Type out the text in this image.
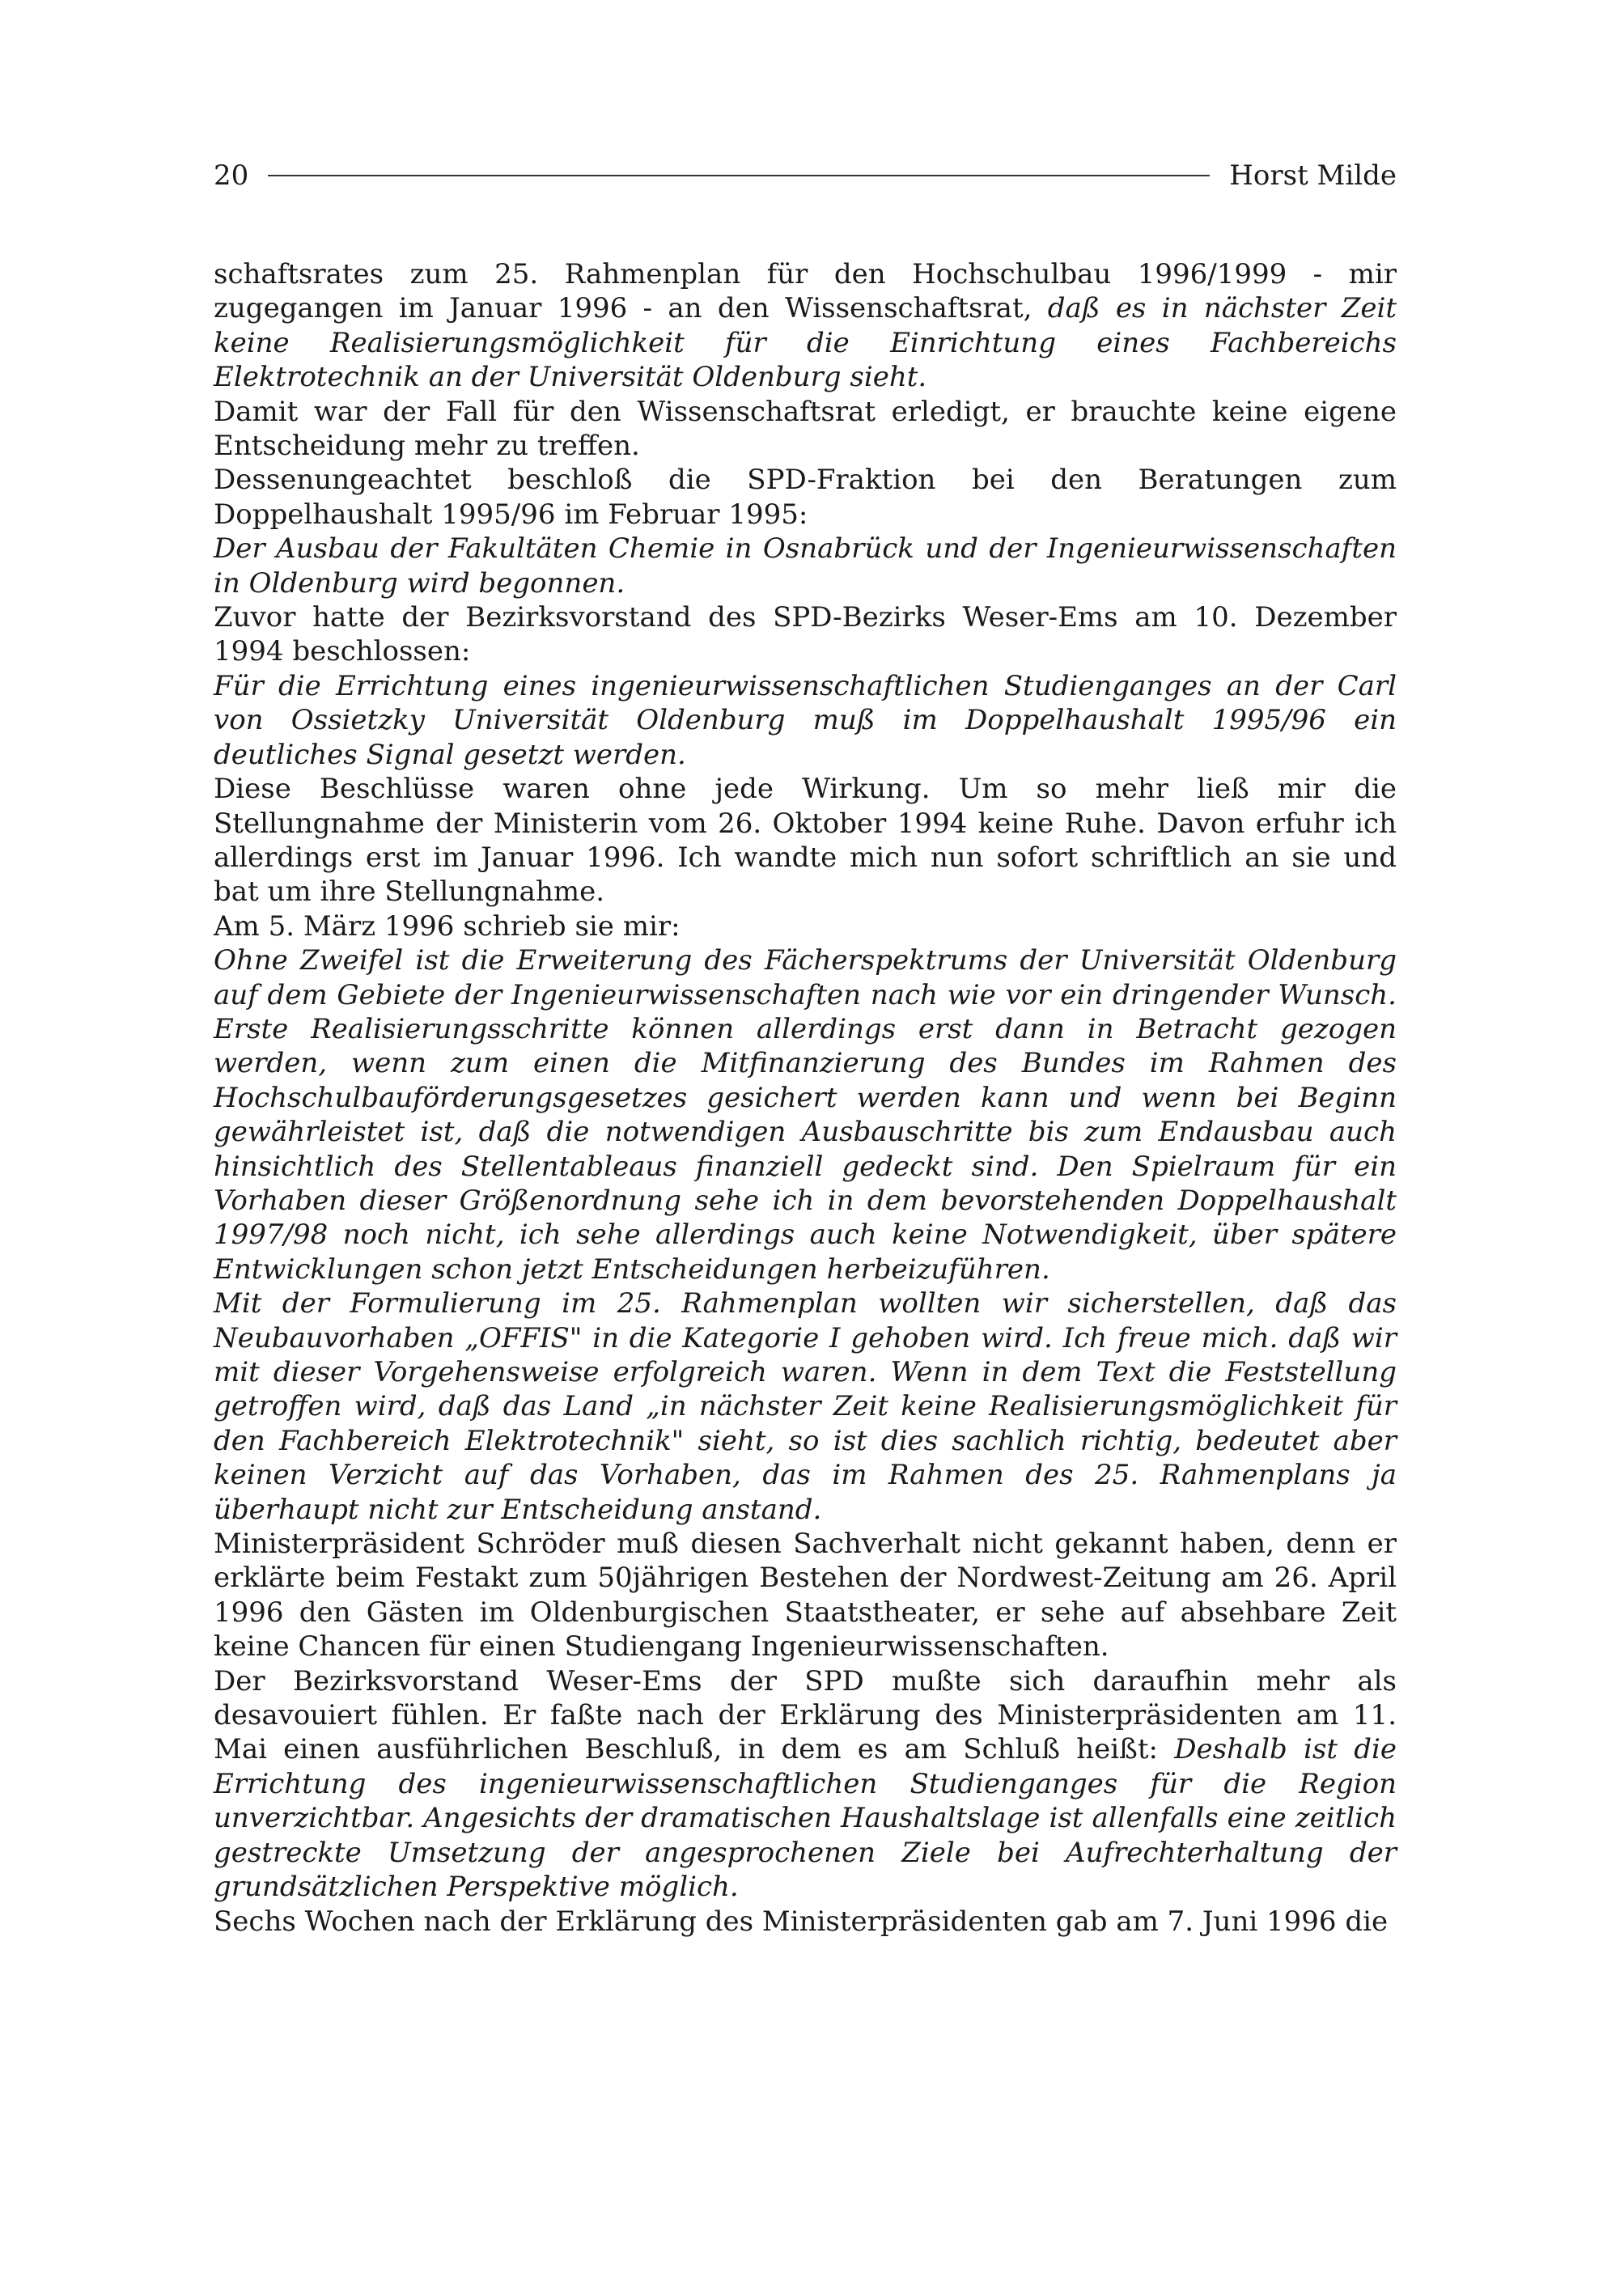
20	Horst Milde

schaftsrates zum 25. Rahmenplan für den Hochschulbau 1996/1999 - mir zugegangen im Januar 1996 - an den Wissenschaftsrat, daß es in nächster Zeit keine Realisierungsmöglichkeit für die Einrichtung eines Fachbereichs Elektrotechnik an der Universität Oldenburg sieht.

Damit war der Fall für den Wissenschaftsrat erledigt, er brauchte keine eigene Entscheidung mehr zu treffen.

Dessenungeachtet beschloß die SPD-Fraktion bei den Beratungen zum Doppelhaushalt 1995/96 im Februar 1995:

Der Ausbau der Fakultäten Chemie in Osnabrück und der Ingenieurwissenschaften in Oldenburg wird begonnen.

Zuvor hatte der Bezirksvorstand des SPD-Bezirks Weser-Ems am 10. Dezember 1994 beschlossen:

Für die Errichtung eines ingenieurwissenschaftlichen Studienganges an der Carl von Ossietzky Universität Oldenburg muß im Doppelhaushalt 1995/96 ein deutliches Signal gesetzt werden.

Diese Beschlüsse waren ohne jede Wirkung. Um so mehr ließ mir die Stellungnahme der Ministerin vom 26. Oktober 1994 keine Ruhe. Davon erfuhr ich allerdings erst im Januar 1996. Ich wandte mich nun sofort schriftlich an sie und bat um ihre Stellungnahme.

Am 5. März 1996 schrieb sie mir:

Ohne Zweifel ist die Erweiterung des Fächerspektrums der Universität Oldenburg auf dem Gebiete der Ingenieurwissenschaften nach wie vor ein dringender Wunsch. Erste Realisierungsschritte können allerdings erst dann in Betracht gezogen werden, wenn zum einen die Mitfinanzierung des Bundes im Rahmen des Hochschulbauförderungsgesetzes gesichert werden kann und wenn bei Beginn gewährleistet ist, daß die notwendigen Ausbauschritte bis zum Endausbau auch hinsichtlich des Stellentableaus finanziell gedeckt sind. Den Spielraum für ein Vorhaben dieser Größenordnung sehe ich in dem bevorstehenden Doppelhaushalt 1997/98 noch nicht, ich sehe allerdings auch keine Notwendigkeit, über spätere Entwicklungen schon jetzt Entscheidungen herbeizuführen.

Mit der Formulierung im 25. Rahmenplan wollten wir sicherstellen, daß das Neubauvorhaben „OFFIS" in die Kategorie I gehoben wird. Ich freue mich. daß wir mit dieser Vorgehensweise erfolgreich waren. Wenn in dem Text die Feststellung getroffen wird, daß das Land „in nächster Zeit keine Realisierungsmöglichkeit für den Fachbereich Elektrotechnik" sieht, so ist dies sachlich richtig, bedeutet aber keinen Verzicht auf das Vorhaben, das im Rahmen des 25. Rahmenplans ja überhaupt nicht zur Entscheidung anstand.

Ministerpräsident Schröder muß diesen Sachverhalt nicht gekannt haben, denn er erklärte beim Festakt zum 50jährigen Bestehen der Nordwest-Zeitung am 26. April 1996 den Gästen im Oldenburgischen Staatstheater, er sehe auf absehbare Zeit keine Chancen für einen Studiengang Ingenieurwissenschaften.

Der Bezirksvorstand Weser-Ems der SPD mußte sich daraufhin mehr als desavouiert fühlen. Er faßte nach der Erklärung des Ministerpräsidenten am 11. Mai einen ausführlichen Beschluß, in dem es am Schluß heißt: Deshalb ist die Errichtung des ingenieurwissenschaftlichen Studienganges für die Region unverzichtbar. Angesichts der dramatischen Haushaltslage ist allenfalls eine zeitlich gestreckte Umsetzung der angesprochenen Ziele bei Aufrechterhaltung der grundsätzlichen Perspektive möglich.

Sechs Wochen nach der Erklärung des Ministerpräsidenten gab am 7. Juni 1996 die
